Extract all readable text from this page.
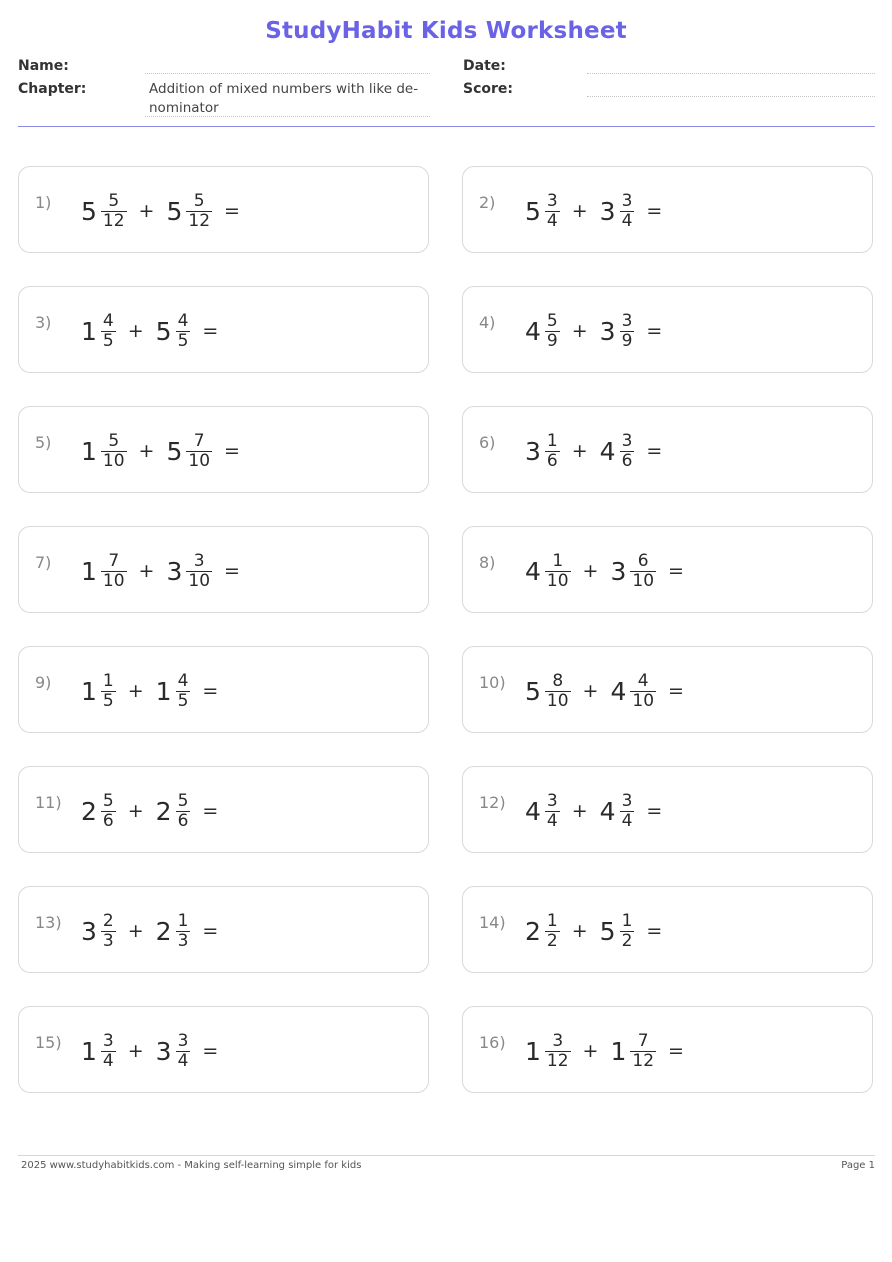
StudyHabit Kids Worksheet
Name:
Chapter:	Addition of mixed numbers with like de-nominator
Date:
Score:
1) $5 \frac{5}{12} + 5 \frac{5}{12}$ =	2) $5 \frac{3}{4} + 3 \frac{3}{4}$ =
3) $1 \frac{4}{5} + 5 \frac{4}{5}$ =	4) $4 \frac{5}{9} + 3 \frac{3}{9}$ =
5) $1 \frac{5}{10} + 5 \frac{7}{10}$ =	6) $3 \frac{1}{6} + 4 \frac{3}{6}$ =
7) $1 \frac{7}{10} + 3 \frac{3}{10}$ =	8) $4 \frac{1}{10} + 3 \frac{6}{10}$ =
9) $1 \frac{1}{5} + 1 \frac{4}{5}$ =	10) $5 \frac{8}{10} + 4 \frac{4}{10}$ =
11) $2 \frac{5}{6} + 2 \frac{5}{6}$ =	12) $4 \frac{3}{4} + 4 \frac{3}{4}$ =
13) $3 \frac{2}{3} + 2 \frac{1}{3}$ =	14) $2 \frac{1}{2} + 5 \frac{1}{2}$ =
15) $1 \frac{3}{4} + 3 \frac{3}{4}$ =	16) $1 \frac{3}{12} + 1 \frac{7}{12}$ =
2025 www.studyhabitkids.com - Making self-learning simple for kids	Page 1
